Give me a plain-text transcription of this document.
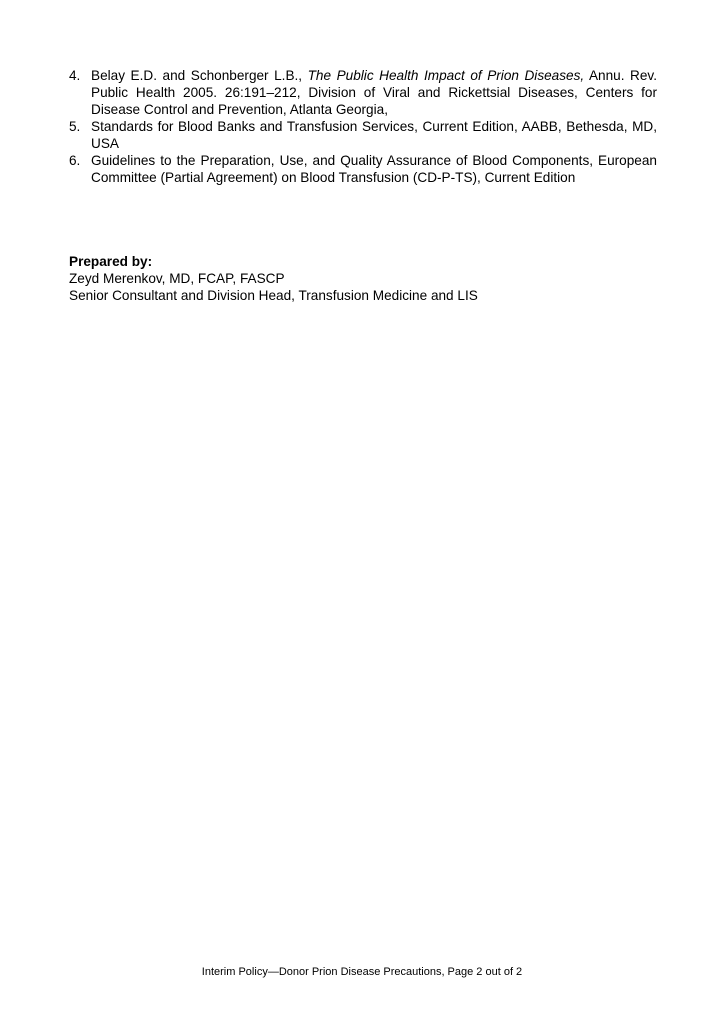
4. Belay E.D. and Schonberger L.B., The Public Health Impact of Prion Diseases, Annu. Rev. Public Health 2005. 26:191–212, Division of Viral and Rickettsial Diseases, Centers for Disease Control and Prevention, Atlanta Georgia,
5. Standards for Blood Banks and Transfusion Services, Current Edition, AABB, Bethesda, MD, USA
6. Guidelines to the Preparation, Use, and Quality Assurance of Blood Components, European Committee (Partial Agreement) on Blood Transfusion (CD-P-TS), Current Edition
Prepared by:
Zeyd Merenkov, MD, FCAP, FASCP
Senior Consultant and Division Head, Transfusion Medicine and LIS
Interim Policy—Donor Prion Disease Precautions, Page 2 out of 2
